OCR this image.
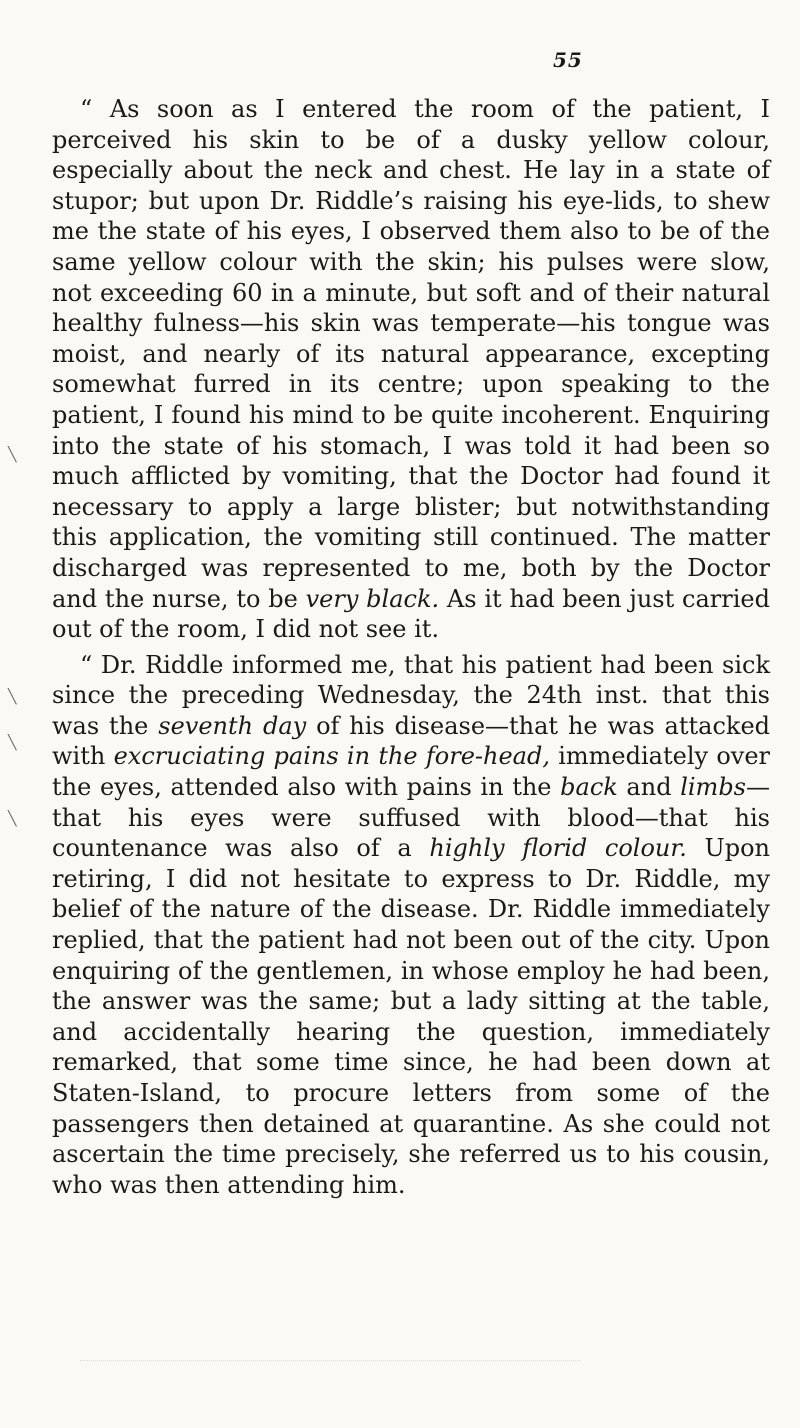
55
╲
╲
╲
╲

“ As soon as I entered the room of the patient, I perceived his skin to be of a dusky yellow colour, especially about the neck and chest. He lay in a state of stupor; but upon Dr. Riddle’s raising his eye-lids, to shew me the state of his eyes, I observed them also to be of the same yellow colour with the skin; his pulses were slow, not exceeding 60 in a minute, but soft and of their natural healthy fulness—his skin was temperate—his tongue was moist, and nearly of its natural appearance, excepting somewhat furred in its centre; upon speaking to the patient, I found his mind to be quite incoherent. Enquiring into the state of his stomach, I was told it had been so much afflicted by vomiting, that the Doctor had found it necessary to apply a large blister; but notwithstanding this application, the vomiting still continued. The matter discharged was represented to me, both by the Doctor and the nurse, to be very black. As it had been just carried out of the room, I did not see it.

“ Dr. Riddle informed me, that his patient had been sick since the preceding Wednesday, the 24th inst. that this was the seventh day of his disease—that he was attacked with excruciating pains in the fore-head, immediately over the eyes, attended also with pains in the back and limbs—that his eyes were suffused with blood—that his countenance was also of a highly florid colour. Upon retiring, I did not hesitate to express to Dr. Riddle, my belief of the nature of the disease. Dr. Riddle immediately replied, that the patient had not been out of the city. Upon enquiring of the gentlemen, in whose employ he had been, the answer was the same; but a lady sitting at the table, and accidentally hearing the question, immediately remarked, that some time since, he had been down at Staten-Island, to procure letters from some of the passengers then detained at quarantine. As she could not ascertain the time precisely, she referred us to his cousin, who was then attending him.
